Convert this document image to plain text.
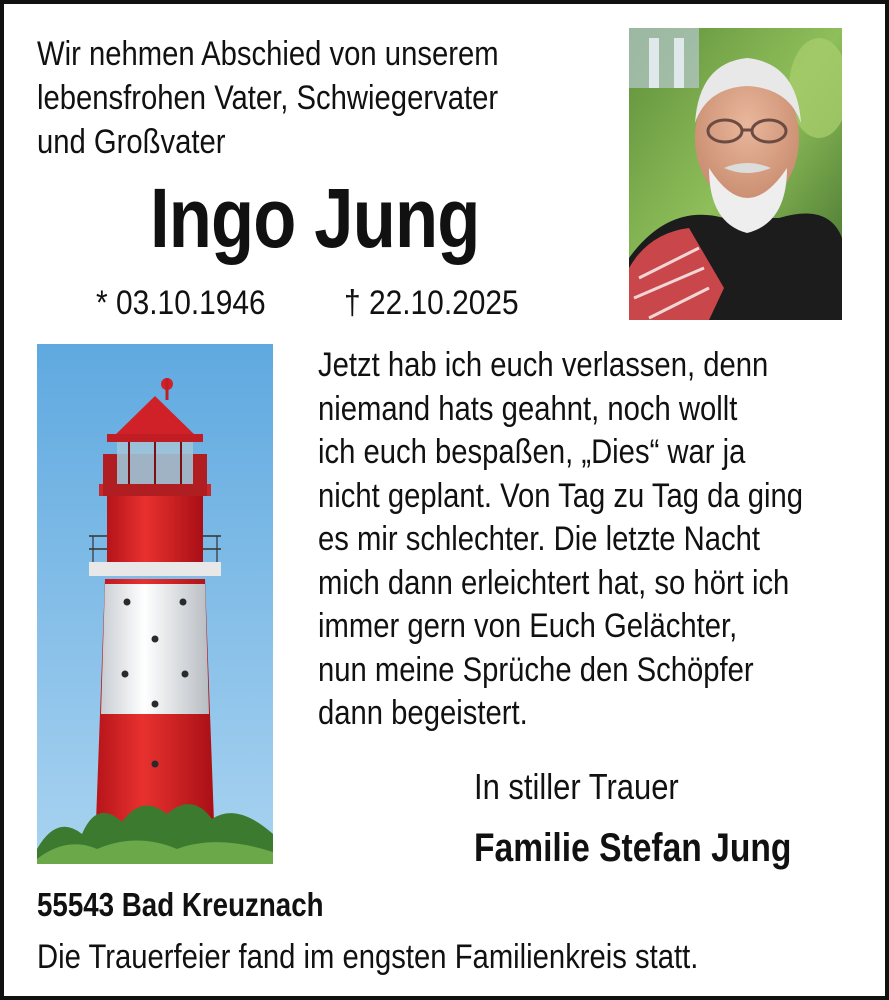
Wir nehmen Abschied von unserem
lebensfrohen Vater, Schwiegervater
und Großvater
Ingo Jung
* 03.10.1946 † 22.10.2025
Jetzt hab ich euch verlassen, denn
niemand hats geahnt, noch wollt
ich euch bespaßen, „Dies“ war ja
nicht geplant. Von Tag zu Tag da ging
es mir schlechter. Die letzte Nacht
mich dann erleichtert hat, so hört ich
immer gern von Euch Gelächter,
nun meine Sprüche den Schöpfer
dann begeistert.
In stiller Trauer
Familie Stefan Jung
55543 Bad Kreuznach
Die Trauerfeier fand im engsten Familienkreis statt.
